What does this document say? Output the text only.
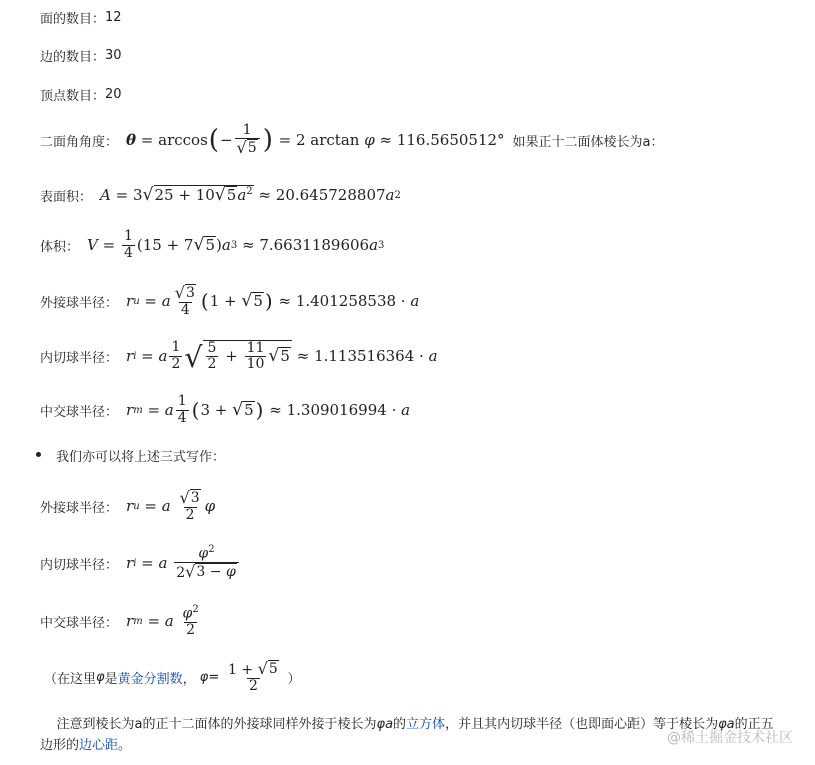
面的数目： 12
边的数目： 30
顶点数目： 20
二面角角度： θ = arccos ( − $\frac{1}{√ 5}$ ) = 2 arctan φ ≈ 116.5650512° 如果正十二面体棱长为a：
表面积： A = 3 √ 25 + 10 √ 5 $a^2 \approx 20.645728807$ a 2
体积： $V = \frac{1}{4} (15 + 7$ √ 5 ) a 3 ≈ 7.6631189606 a 3
外接球半径： r u = a $\frac{√ 3}{4}$ ( 1 + √ 5 ) ≈ 1.401258538 · a
内切球半径： r i = a $\frac{1}{2}$ √ $\frac{5}{2} + \frac{11}{10}$ √ 5 ≈ 1.113516364 · a
中交球半径： r m = a $\frac{1}{4}$ ( 3 + √ 5 ) ≈ 1.309016994 · a
我们亦可以将上述三式写作：
外接球半径： r u = a
$\frac{√ 3}{2}$ φ
内切球半径： r i = a
$\frac{\varphi^2}{2 √ 3 - \varphi}$
中交球半径： r m = a
$\frac{\varphi^2}{2}$
（在这里 φ 是 黄金分割数 ，
φ=
$\frac{1 + √ 5}{2}$
）
注意到棱长为a的正十二面体的外接球同样外接于棱长为φa的立方体，并且其内切球半径（也即面心距）等于棱长为φa的正五边形的边心距。	@稀土掘金技术社区
